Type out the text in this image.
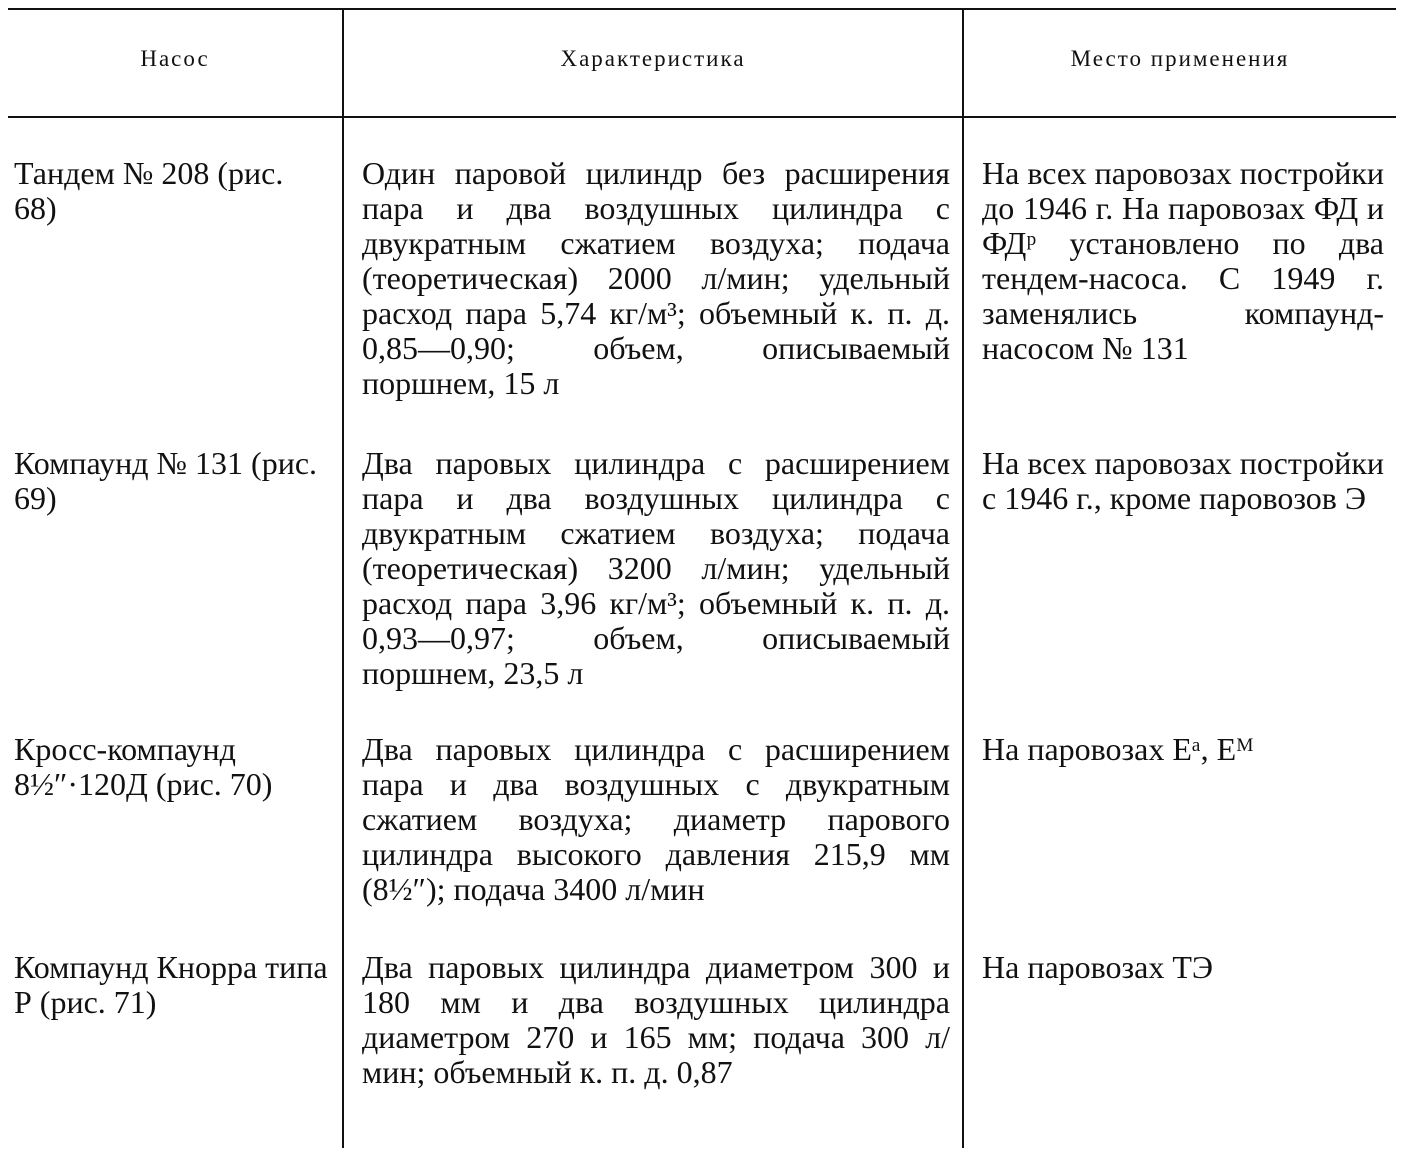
Насос	Характеристика	Место применения
Тандем № 208 (рис. 68)
Один паровой цилиндр без расширения пара и два воздушных цилиндра с двукратным сжатием воздуха; подача (теоретическая) 2000 л/мин; удельный расход пара 5,74 кг/м³; объемный к. п. д. 0,85—0,90; объем, описываемый поршнем, 15 л
На всех паровозах постройки до 1946 г. На паровозах ФД и ФДᵖ установлено по два тендем-насоса. С 1949 г. заменялись компаунд-насосом № 131
Компаунд № 131 (рис. 69)
Два паровых цилиндра с расширением пара и два воздушных цилиндра с двукратным сжатием воздуха; подача (теоретическая) 3200 л/мин; удельный расход пара 3,96 кг/м³; объемный к. п. д. 0,93—0,97; объем, описываемый поршнем, 23,5 л
На всех паровозах постройки с 1946 г., кроме паровозов Э
Кросс-компаунд 8½″·120Д (рис. 70)
Два паровых цилиндра с расширением пара и два воздушных с двукратным сжатием воздуха; диаметр парового цилиндра высокого давления 215,9 мм (8½″); подача 3400 л/мин
На паровозах Еᵃ, Еᴹ
Компаунд Кнорра типа Р (рис. 71)
Два паровых цилиндра диаметром 300 и 180 мм и два воздушных цилиндра диаметром 270 и 165 мм; подача 300 л/мин; объемный к. п. д. 0,87
На паровозах ТЭ
